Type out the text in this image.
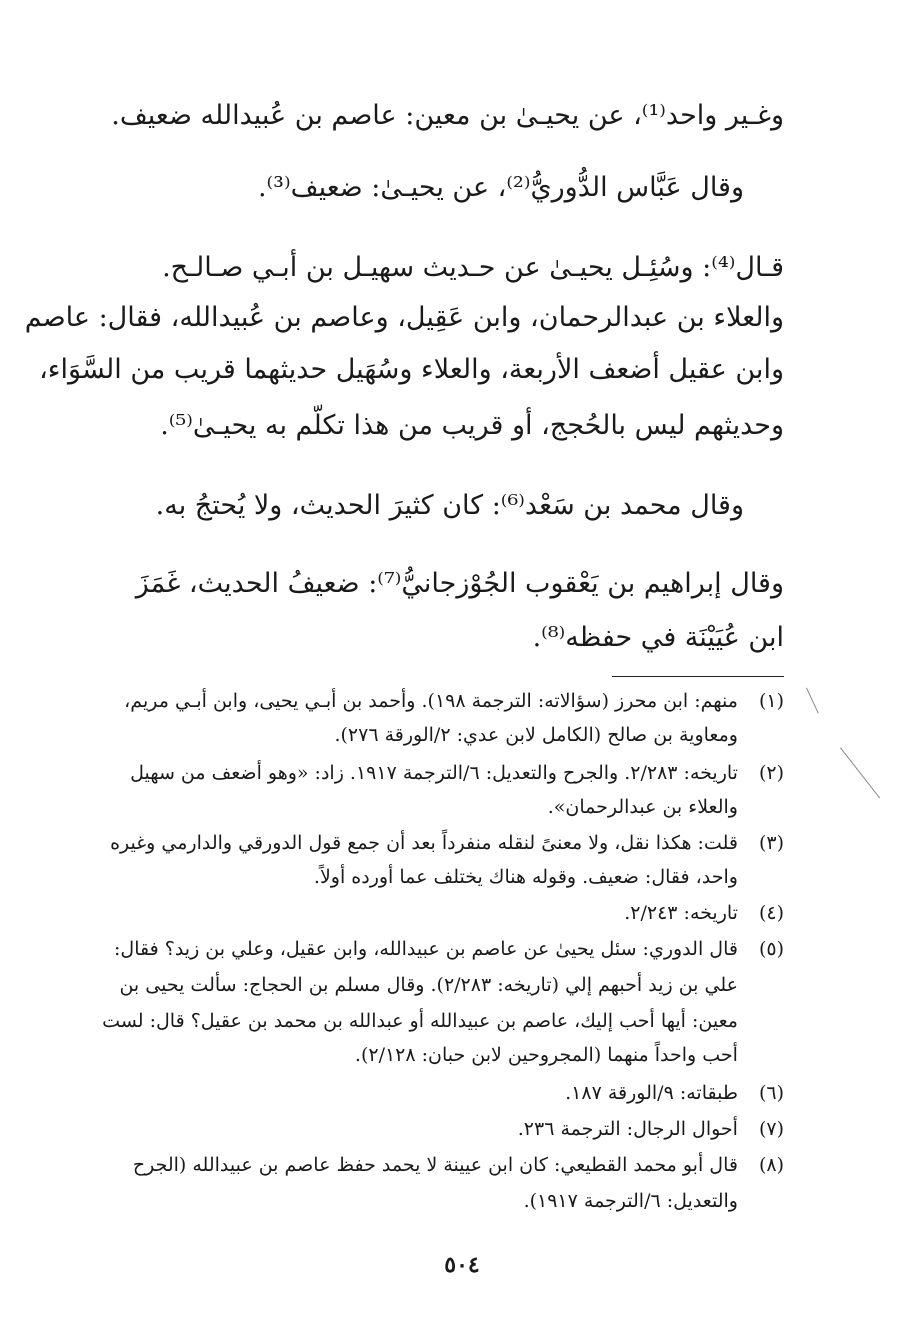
وغـير واحد⁽¹⁾، عن يحيـىٰ بن معين: عاصم بن عُبيدالله ضعيف.
وقال عَبَّاس الدُّوريُّ⁽²⁾، عن يحيـىٰ: ضعيف⁽³⁾.
قـال⁽⁴⁾: وسُئِـل يحيـىٰ عن حـديث سهيـل بن أبـي صـالـح.
والعلاء بن عبدالرحمان، وابن عَقِيل، وعاصم بن عُبيدالله، فقال: عاصم
وابن عقيل أضعف الأربعة، والعلاء وسُهَيل حديثهما قريب من السَّوَاء،
وحديثهم ليس بالحُجج، أو قريب من هذا تكلّم به يحيـىٰ⁽⁵⁾.
وقال محمد بن سَعْد⁽⁶⁾: كان كثيرَ الحديث، ولا يُحتجُ به.
وقال إبراهيم بن يَعْقوب الجُوْزجانيُّ⁽⁷⁾: ضعيفُ الحديث، غَمَزَ
ابن عُيَيْنَة في حفظه⁽⁸⁾.
(١) منهم: ابن محرز (سؤالاته: الترجمة ١٩٨). وأحمد بن أبـي يحيى، وابن أبـي مريم،
ومعاوية بن صالح (الكامل لابن عدي: ٢/الورقة ٢٧٦).
(٢) تاريخه: ٢/٢٨٣. والجرح والتعديل: ٦/الترجمة ١٩١٧. زاد: «وهو أضعف من سهيل
والعلاء بن عبدالرحمان».
(٣) قلت: هكذا نقل، ولا معنىً لنقله منفرداً بعد أن جمع قول الدورقي والدارمي وغيره
واحد، فقال: ضعيف. وقوله هناك يختلف عما أورده أولاً.
(٤) تاريخه: ٢/٢٤٣.
(٥) قال الدوري: سئل يحيىٰ عن عاصم بن عبيدالله، وابن عقيل، وعلي بن زيد؟ فقال:
علي بن زيد أحبهم إلي (تاريخه: ٢/٢٨٣). وقال مسلم بن الحجاج: سألت يحيى بن
معين: أيها أحب إليك، عاصم بن عبيدالله أو عبدالله بن محمد بن عقيل؟ قال: لست
أحب واحداً منهما (المجروحين لابن حبان: ٢/١٢٨).
(٦) طبقاته: ٩/الورقة ١٨٧.
(٧) أحوال الرجال: الترجمة ٢٣٦.
(٨) قال أبو محمد القطيعي: كان ابن عيينة لا يحمد حفظ عاصم بن عبيدالله (الجرح
والتعديل: ٦/الترجمة ١٩١٧).
٥٠٤
